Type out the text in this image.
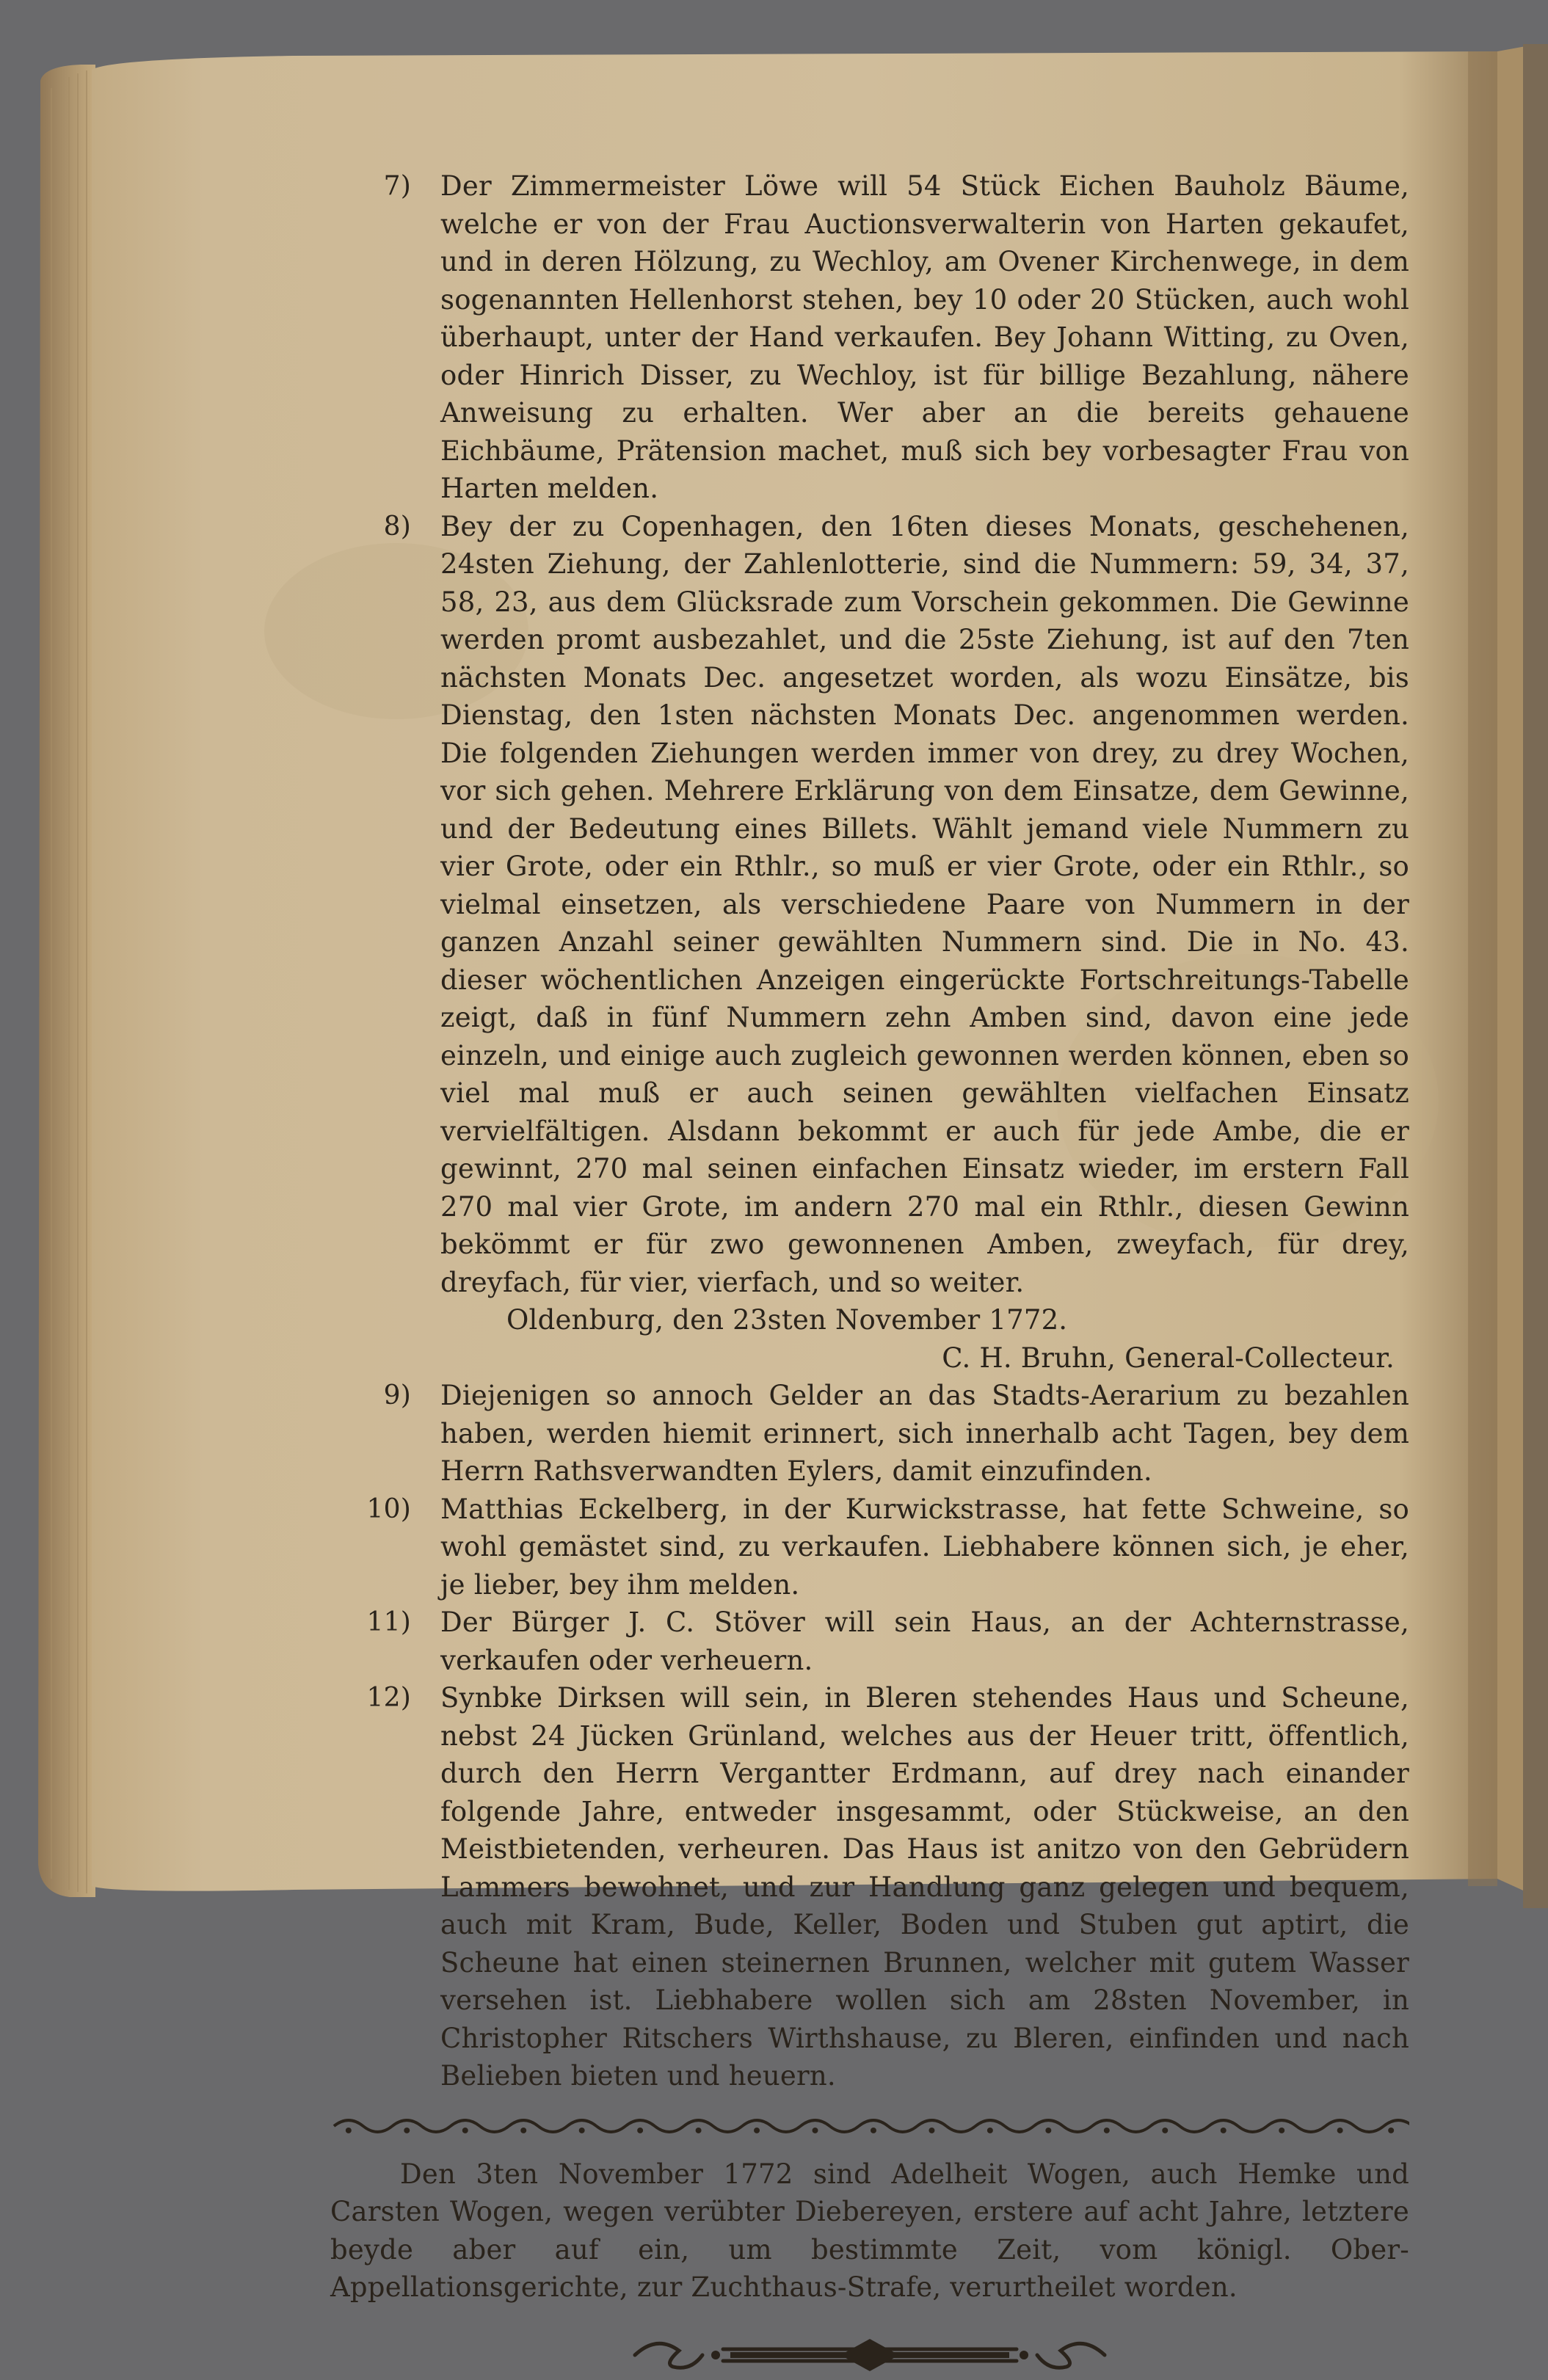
7) Der Zimmermeister Löwe will 54 Stück Eichen Bauholz Bäume, welche er von der Frau Auctionsverwalterin von Harten gekaufet, und in deren Hölzung, zu Wechloy, am Ovener Kirchenwege, in dem sogenannten Hellenhorst stehen, bey 10 oder 20 Stücken, auch wohl überhaupt, unter der Hand verkaufen. Bey Johann Witting, zu Oven, oder Hinrich Disser, zu Wechloy, ist für billige Bezahlung, nähere Anweisung zu erhalten. Wer aber an die bereits gehauene Eichbäume, Prätension machet, muß sich bey vorbesagter Frau von Harten melden.
8) Bey der zu Copenhagen, den 16ten dieses Monats, geschehenen, 24sten Ziehung, der Zahlenlotterie, sind die Nummern: 59, 34, 37, 58, 23, aus dem Glücksrade zum Vorschein gekommen. Die Gewinne werden promt ausbezahlet, und die 25ste Ziehung, ist auf den 7ten nächsten Monats Dec. angesetzet worden, als wozu Einsätze, bis Dienstag, den 1sten nächsten Monats Dec. angenommen werden. Die folgenden Ziehungen werden immer von drey, zu drey Wochen, vor sich gehen. Mehrere Erklärung von dem Einsatze, dem Gewinne, und der Bedeutung eines Billets. Wählt jemand viele Nummern zu vier Grote, oder ein Rthlr., so muß er vier Grote, oder ein Rthlr., so vielmal einsetzen, als verschiedene Paare von Nummern in der ganzen Anzahl seiner gewählten Nummern sind. Die in No. 43. dieser wöchentlichen Anzeigen eingerückte Fortschreitungs-Tabelle zeigt, daß in fünf Nummern zehn Amben sind, davon eine jede einzeln, und einige auch zugleich gewonnen werden können, eben so viel mal muß er auch seinen gewählten vielfachen Einsatz vervielfältigen. Alsdann bekommt er auch für jede Ambe, die er gewinnt, 270 mal seinen einfachen Einsatz wieder, im erstern Fall 270 mal vier Grote, im andern 270 mal ein Rthlr., diesen Gewinn bekömmt er für zwo gewonnenen Amben, zweyfach, für drey, dreyfach, für vier, vierfach, und so weiter.
Oldenburg, den 23sten November 1772.
C. H. Bruhn, General-Collecteur.
9) Diejenigen so annoch Gelder an das Stadts-Aerarium zu bezahlen haben, werden hiemit erinnert, sich innerhalb acht Tagen, bey dem Herrn Rathsverwandten Eylers, damit einzufinden.
10) Matthias Eckelberg, in der Kurwickstrasse, hat fette Schweine, so wohl gemästet sind, zu verkaufen. Liebhabere können sich, je eher, je lieber, bey ihm melden.
11) Der Bürger J. C. Stöver will sein Haus, an der Achternstrasse, verkaufen oder verheuern.
12) Synbke Dirksen will sein, in Bleren stehendes Haus und Scheune, nebst 24 Jücken Grünland, welches aus der Heuer tritt, öffentlich, durch den Herrn Vergantter Erdmann, auf drey nach einander folgende Jahre, entweder insgesammt, oder Stückweise, an den Meistbietenden, verheuren. Das Haus ist anitzo von den Gebrüdern Lammers bewohnet, und zur Handlung ganz gelegen und bequem, auch mit Kram, Bude, Keller, Boden und Stuben gut aptirt, die Scheune hat einen steinernen Brunnen, welcher mit gutem Wasser versehen ist. Liebhabere wollen sich am 28sten November, in Christopher Ritschers Wirthshause, zu Bleren, einfinden und nach Belieben bieten und heuern.

Den 3ten November 1772 sind Adelheit Wogen, auch Hemke und Carsten Wogen, wegen verübter Diebereyen, erstere auf acht Jahre, letztere beyde aber auf ein, um bestimmte Zeit, vom königl. Ober-Appellationsgerichte, zur Zuchthaus-Strafe, verurtheilet worden.
